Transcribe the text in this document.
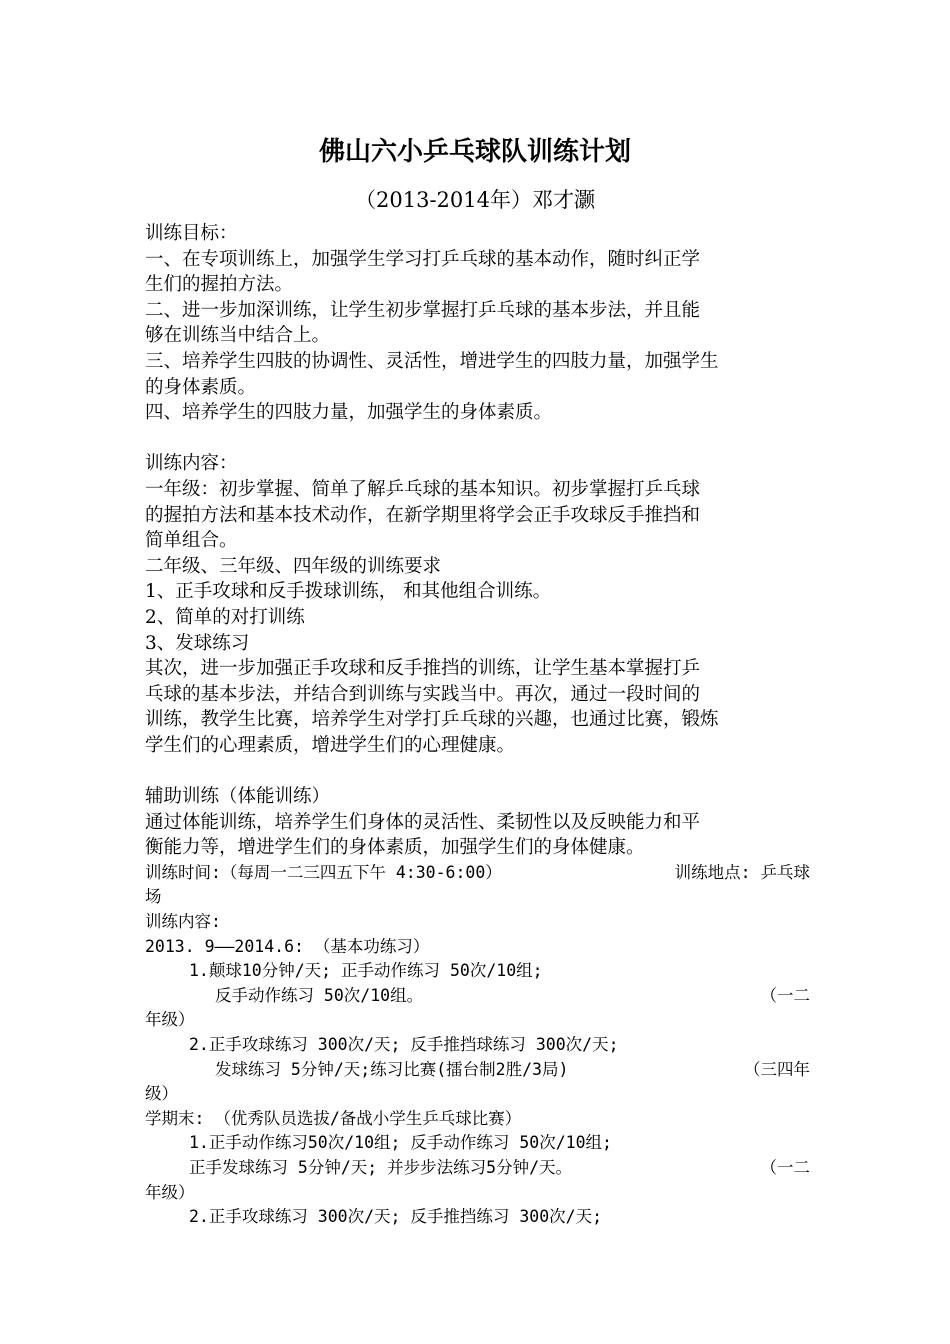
佛山六小乒乓球队训练计划
（2013-2014年）邓才灏
训练目标：
一、在专项训练上，加强学生学习打乒乓球的基本动作，随时纠正学
生们的握拍方法。
二、进一步加深训练，让学生初步掌握打乒乓球的基本步法，并且能
够在训练当中结合上。
三、培养学生四肢的协调性、灵活性，增进学生的四肢力量，加强学生
的身体素质。
四、培养学生的四肢力量，加强学生的身体素质。
训练内容：
一年级：初步掌握、简单了解乒乓球的基本知识。初步掌握打乒乓球
的握拍方法和基本技术动作，在新学期里将学会正手攻球反手推挡和
简单组合。
二年级、三年级、四年级的训练要求
1、正手攻球和反手拨球训练， 和其他组合训练。
2、简单的对打训练
3、发球练习
其次，进一步加强正手攻球和反手推挡的训练，让学生基本掌握打乒
乓球的基本步法，并结合到训练与实践当中。再次，通过一段时间的
训练，教学生比赛，培养学生对学打乒乓球的兴趣，也通过比赛，锻炼
学生们的心理素质，增进学生们的心理健康。
辅助训练（体能训练）
通过体能训练，培养学生们身体的灵活性、柔韧性以及反映能力和平
衡能力等，增进学生们的身体素质，加强学生们的身体健康。
训练时间:（每周一二三四五下午 4:30-6:00）	训练地点: 乒乓球
场
训练内容:
2013. 9——2014.6: （基本功练习）
1.颠球10分钟/天; 正手动作练习 50次/10组;
反手动作练习 50次/10组。	（一二
年级）
2.正手攻球练习 300次/天; 反手推挡球练习 300次/天;
发球练习 5分钟/天;练习比赛(擂台制2胜/3局)	（三四年
级）
学期末: （优秀队员选拔/备战小学生乒乓球比赛）
1.正手动作练习50次/10组; 反手动作练习 50次/10组;
正手发球练习 5分钟/天; 并步步法练习5分钟/天。	（一二
年级）
2.正手攻球练习 300次/天; 反手推挡练习 300次/天;
